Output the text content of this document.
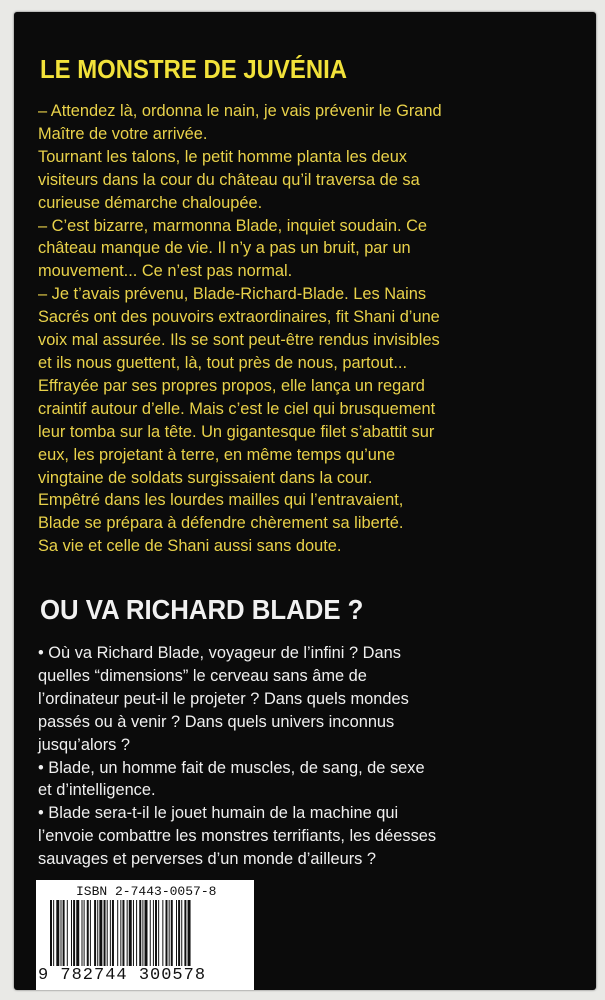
LE MONSTRE DE JUVÉNIA

– Attendez là, ordonna le nain, je vais prévenir le Grand

Maître de votre arrivée.

Tournant les talons, le petit homme planta les deux

visiteurs dans la cour du château qu’il traversa de sa

curieuse démarche chaloupée.

– C’est bizarre, marmonna Blade, inquiet soudain. Ce

château manque de vie. Il n’y a pas un bruit, par un

mouvement... Ce n’est pas normal.

– Je t’avais prévenu, Blade-Richard-Blade. Les Nains

Sacrés ont des pouvoirs extraordinaires, fit Shani d’une

voix mal assurée. Ils se sont peut-être rendus invisibles

et ils nous guettent, là, tout près de nous, partout...

Effrayée par ses propres propos, elle lança un regard

craintif autour d’elle. Mais c’est le ciel qui brusquement

leur tomba sur la tête. Un gigantesque filet s’abattit sur

eux, les projetant à terre, en même temps qu’une

vingtaine de soldats surgissaient dans la cour.

Empêtré dans les lourdes mailles qui l’entravaient,

Blade se prépara à défendre chèrement sa liberté.

Sa vie et celle de Shani aussi sans doute.

OU VA RICHARD BLADE ?

• Où va Richard Blade, voyageur de l’infini ? Dans

quelles “dimensions” le cerveau sans âme de

l’ordinateur peut-il le projeter ? Dans quels mondes

passés ou à venir ? Dans quels univers inconnus

jusqu’alors ?

• Blade, un homme fait de muscles, de sang, de sexe

et d’intelligence.

• Blade sera-t-il le jouet humain de la machine qui

l’envoie combattre les monstres terrifiants, les déesses

sauvages et perverses d’un monde d’ailleurs ?

ISBN 2-7443-0057-8
9 782744 300578
